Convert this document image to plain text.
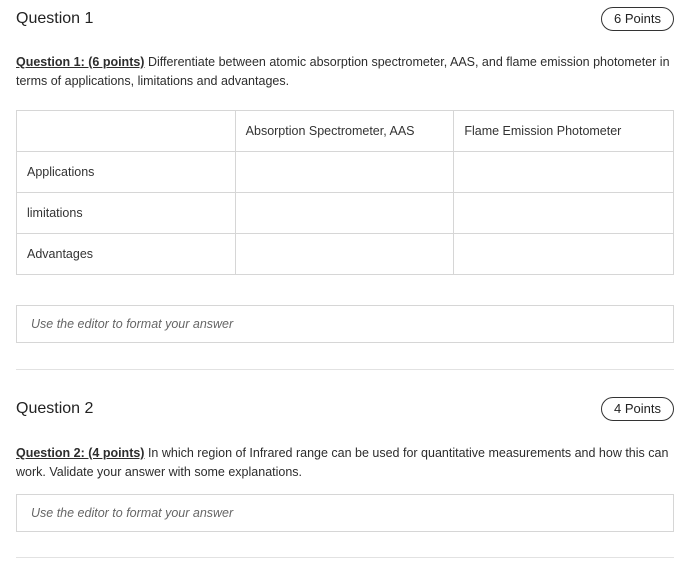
Question 1	6 Points
Question 1: (6 points) Differentiate between atomic absorption spectrometer, AAS, and flame emission photometer in terms of applications, limitations and advantages.
	Absorption Spectrometer, AAS	Flame Emission Photometer
Applications		
limitations		
Advantages		
Use the editor to format your answer
Question 2	4 Points
Question 2: (4 points) In which region of Infrared range can be used for quantitative measurements and how this can work. Validate your answer with some explanations.
Use the editor to format your answer
